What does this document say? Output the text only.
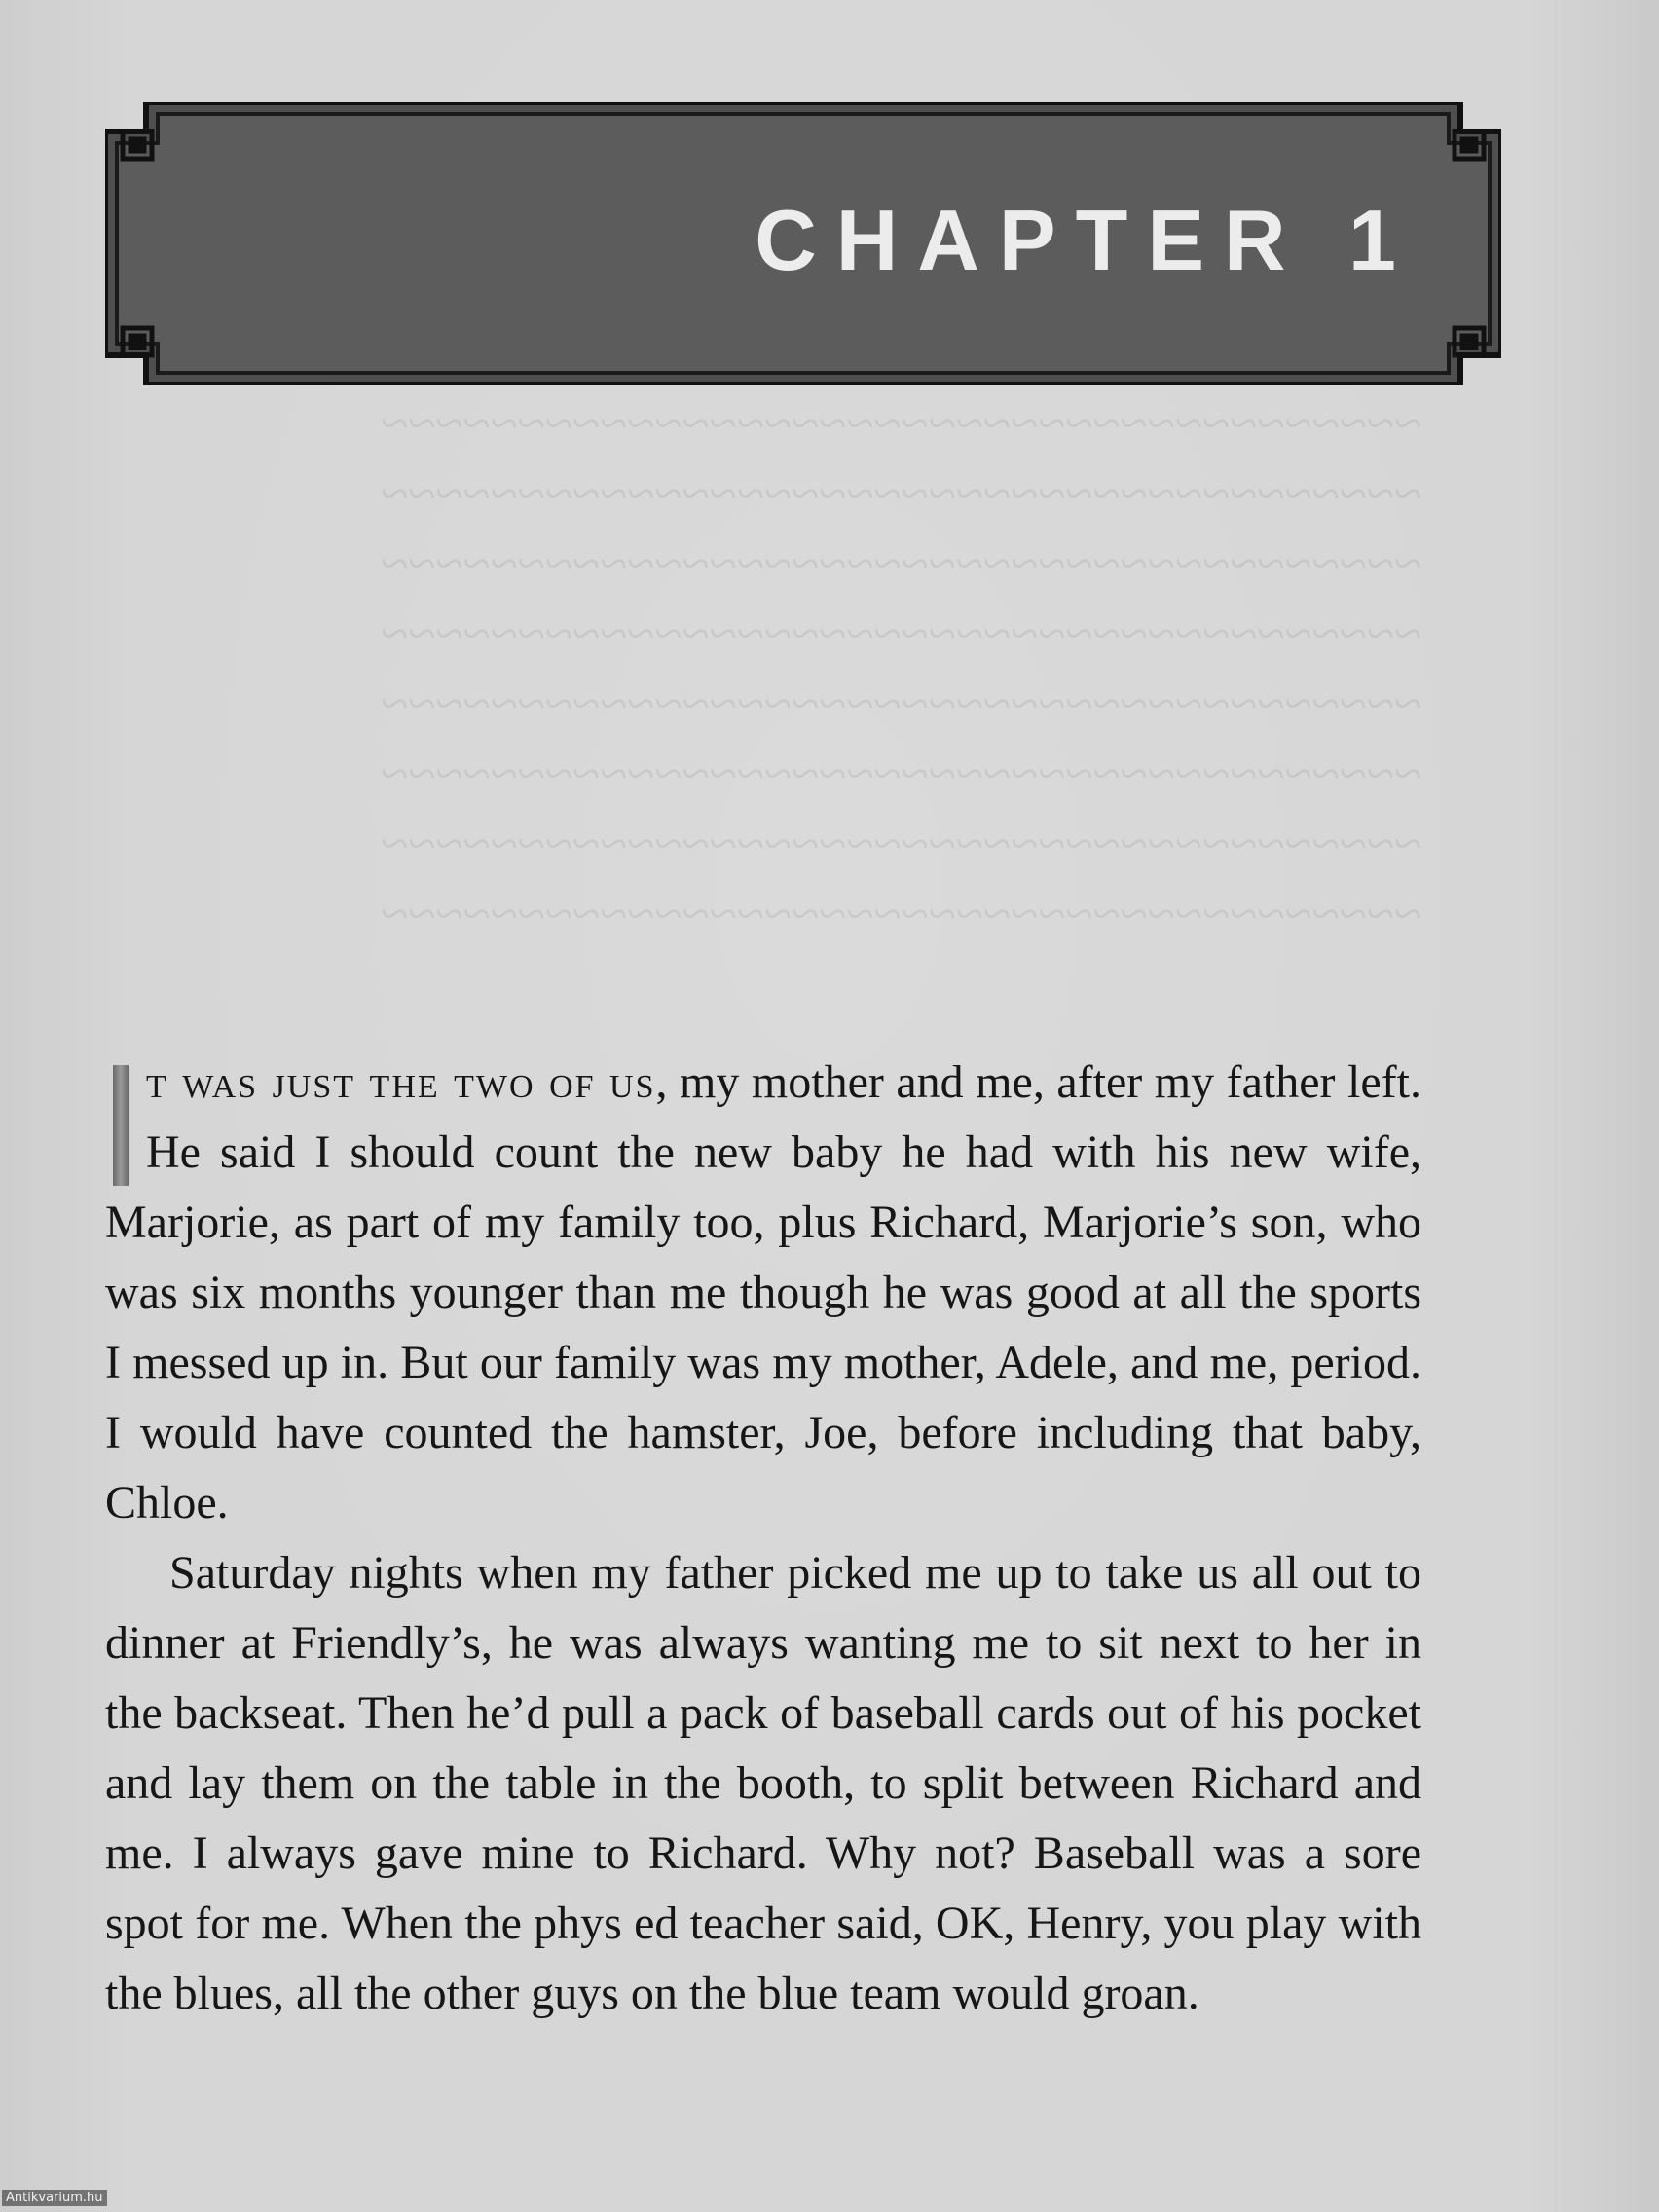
~~~~~~~~~~~~~~~~~~~~~~~~~~~~~~~~~~~~~~
~~~~~~~~~~~~~~~~~~~~~~~~~~~~~~~~~~~~~~
~~~~~~~~~~~~~~~~~~~~~~~~~~~~~~~~~~~~~~
~~~~~~~~~~~~~~~~~~~~~~~~~~~~~~~~~~~~~~
~~~~~~~~~~~~~~~~~~~~~~~~~~~~~~~~~~~~~~
~~~~~~~~~~~~~~~~~~~~~~~~~~~~~~~~~~~~~~
~~~~~~~~~~~~~~~~~~~~~~~~~~~~~~~~~~~~~~
~~~~~~~~~~~~~~~~~~~~~~~~~~~~~~~~~~~~~~
CHAPTER 1

t was just the two of us, my mother and me, after my father left. He said I should count the new baby he had with his new wife, Marjorie, as part of my family too, plus Richard, Marjorie’s son, who was six months younger than me though he was good at all the sports I messed up in. But our family was my mother, Adele, and me, period. I would have counted the hamster, Joe, before including that baby, Chloe.

Saturday nights when my father picked me up to take us all out to dinner at Friendly’s, he was always wanting me to sit next to her in the backseat. Then he’d pull a pack of baseball cards out of his pocket and lay them on the table in the booth, to split between Richard and me. I always gave mine to Richard. Why not? Baseball was a sore spot for me. When the phys ed teacher said, OK, Henry, you play with the blues, all the other guys on the blue team would groan.

Antikvarium.hu
